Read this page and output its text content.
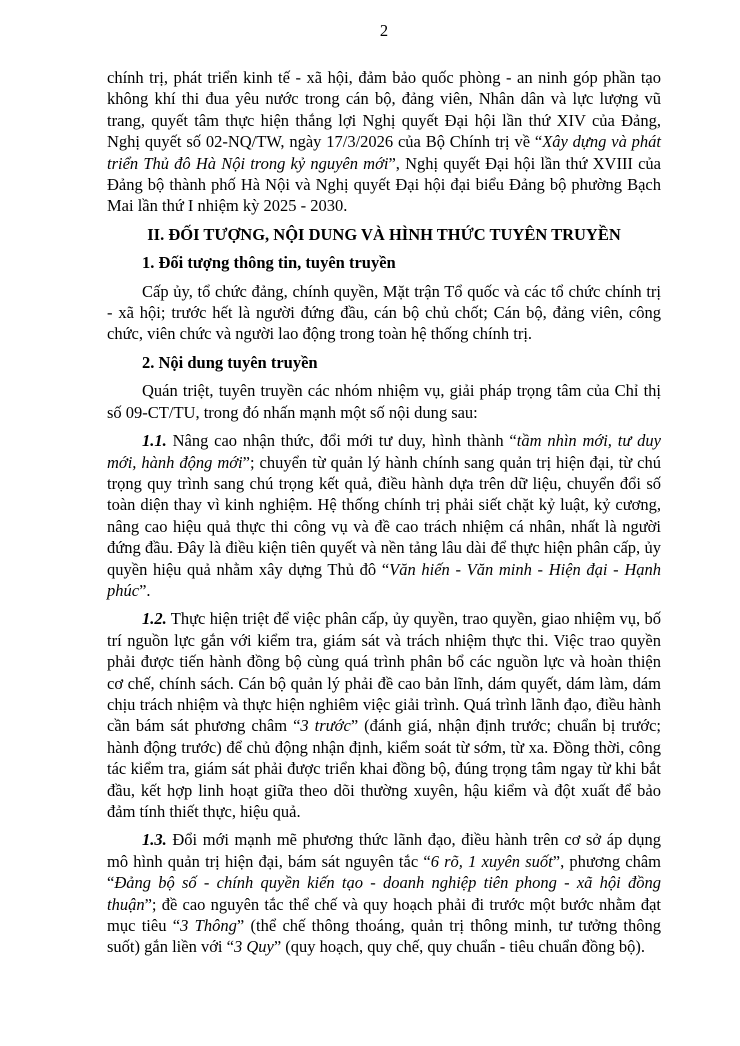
2

chính trị, phát triển kinh tế - xã hội, đảm bảo quốc phòng - an ninh góp phần tạo không khí thi đua yêu nước trong cán bộ, đảng viên, Nhân dân và lực lượng vũ trang, quyết tâm thực hiện thắng lợi Nghị quyết Đại hội lần thứ XIV của Đảng, Nghị quyết số 02-NQ/TW, ngày 17/3/2026 của Bộ Chính trị về “Xây dựng và phát triển Thủ đô Hà Nội trong kỷ nguyên mới”, Nghị quyết Đại hội lần thứ XVIII của Đảng bộ thành phố Hà Nội và Nghị quyết Đại hội đại biểu Đảng bộ phường Bạch Mai lần thứ I nhiệm kỳ 2025 - 2030.

II. ĐỐI TƯỢNG, NỘI DUNG VÀ HÌNH THỨC TUYÊN TRUYỀN

1. Đối tượng thông tin, tuyên truyền

Cấp ủy, tổ chức đảng, chính quyền, Mặt trận Tổ quốc và các tổ chức chính trị - xã hội; trước hết là người đứng đầu, cán bộ chủ chốt; Cán bộ, đảng viên, công chức, viên chức và người lao động trong toàn hệ thống chính trị.

2. Nội dung tuyên truyền

Quán triệt, tuyên truyền các nhóm nhiệm vụ, giải pháp trọng tâm của Chỉ thị số 09-CT/TU, trong đó nhấn mạnh một số nội dung sau:

1.1. Nâng cao nhận thức, đổi mới tư duy, hình thành “tầm nhìn mới, tư duy mới, hành động mới”; chuyển từ quản lý hành chính sang quản trị hiện đại, từ chú trọng quy trình sang chú trọng kết quả, điều hành dựa trên dữ liệu, chuyển đổi số toàn diện thay vì kinh nghiệm. Hệ thống chính trị phải siết chặt kỷ luật, kỷ cương, nâng cao hiệu quả thực thi công vụ và đề cao trách nhiệm cá nhân, nhất là người đứng đầu. Đây là điều kiện tiên quyết và nền tảng lâu dài để thực hiện phân cấp, ủy quyền hiệu quả nhằm xây dựng Thủ đô “Văn hiến - Văn minh - Hiện đại - Hạnh phúc”.

1.2. Thực hiện triệt để việc phân cấp, ủy quyền, trao quyền, giao nhiệm vụ, bố trí nguồn lực gắn với kiểm tra, giám sát và trách nhiệm thực thi. Việc trao quyền phải được tiến hành đồng bộ cùng quá trình phân bổ các nguồn lực và hoàn thiện cơ chế, chính sách. Cán bộ quản lý phải đề cao bản lĩnh, dám quyết, dám làm, dám chịu trách nhiệm và thực hiện nghiêm việc giải trình. Quá trình lãnh đạo, điều hành cần bám sát phương châm “3 trước” (đánh giá, nhận định trước; chuẩn bị trước; hành động trước) để chủ động nhận định, kiểm soát từ sớm, từ xa. Đồng thời, công tác kiểm tra, giám sát phải được triển khai đồng bộ, đúng trọng tâm ngay từ khi bắt đầu, kết hợp linh hoạt giữa theo dõi thường xuyên, hậu kiểm và đột xuất để bảo đảm tính thiết thực, hiệu quả.

1.3. Đổi mới mạnh mẽ phương thức lãnh đạo, điều hành trên cơ sở áp dụng mô hình quản trị hiện đại, bám sát nguyên tắc “6 rõ, 1 xuyên suốt”, phương châm “Đảng bộ số - chính quyền kiến tạo - doanh nghiệp tiên phong - xã hội đồng thuận”; đề cao nguyên tắc thể chế và quy hoạch phải đi trước một bước nhằm đạt mục tiêu “3 Thông” (thể chế thông thoáng, quản trị thông minh, tư tưởng thông suốt) gắn liền với “3 Quy” (quy hoạch, quy chế, quy chuẩn - tiêu chuẩn đồng bộ).
